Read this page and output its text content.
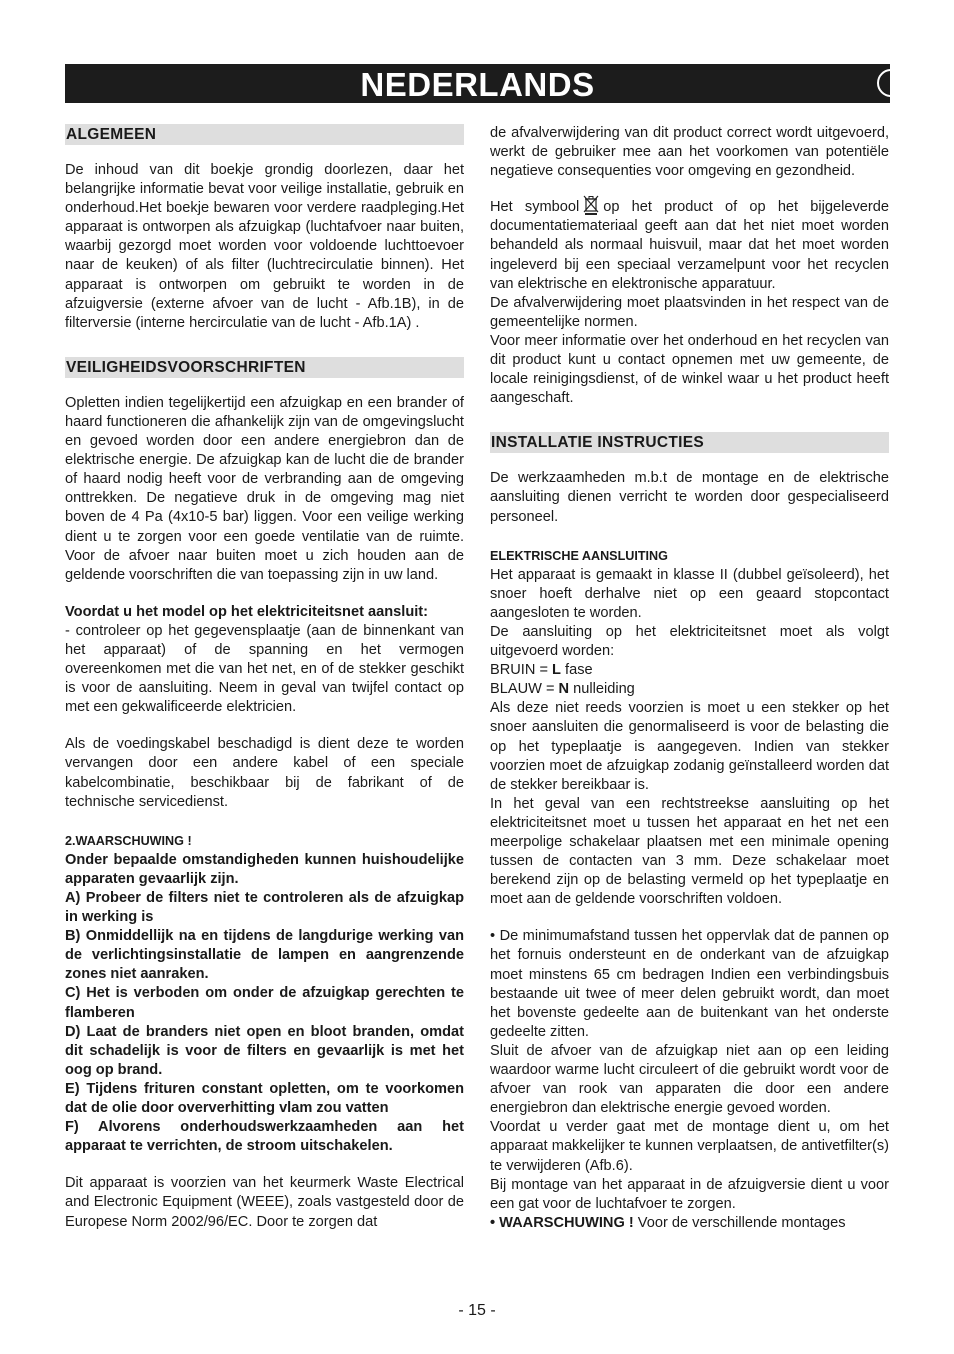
NEDERLANDS	NL
ALGEMEEN

De inhoud van dit boekje grondig doorlezen, daar het belangrijke informatie bevat voor veilige installatie, gebruik en onderhoud.Het boekje bewaren voor verdere raadpleging.Het apparaat is ontworpen als afzuigkap (luchtafvoer naar buiten, waarbij gezorgd moet worden voor voldoende luchttoevoer naar de keuken) of als filter (luchtrecirculatie binnen). Het apparaat is ontworpen om gebruikt te worden in de afzuigversie (externe afvoer van de lucht - Afb.1B), in de filterversie (interne hercirculatie van de lucht - Afb.1A) .

VEILIGHEIDSVOORSCHRIFTEN

Opletten indien tegelijkertijd een afzuigkap en een brander of haard functioneren die afhankelijk zijn van de omgevingslucht en gevoed worden door een andere energiebron dan de elektrische energie. De afzuigkap kan de lucht die de brander of haard nodig heeft voor de verbranding aan de omgeving onttrekken. De negatieve druk in de omgeving mag niet boven de 4 Pa (4x10-5 bar) liggen. Voor een veilige werking dient u te zorgen voor een goede ventilatie van de ruimte. Voor de afvoer naar buiten moet u zich houden aan de geldende voorschriften die van toepassing zijn in uw land.

Voordat u het model op het elektriciteitsnet aansluit:

- controleer op het gegevensplaatje (aan de binnenkant van het apparaat) of de spanning en het vermogen overeenkomen met die van het net, en of de stekker geschikt is voor de aansluiting. Neem in geval van twijfel contact op met een gekwalificeerde elektricien.

Als de voedingskabel beschadigd is dient deze te worden vervangen door een andere kabel of een speciale kabelcombinatie, beschikbaar bij de fabrikant of de technische servicedienst.

2.WAARSCHUWING !

Onder bepaalde omstandigheden kunnen huishoudelijke apparaten gevaarlijk zijn.

A) Probeer de filters niet te controleren als de afzuigkap in werking is

B) Onmiddellijk na en tijdens de langdurige werking van de verlichtingsinstallatie de lampen en aangrenzende zones niet aanraken.

C) Het is verboden om onder de afzuigkap gerechten te flamberen

D) Laat de branders niet open en bloot branden, omdat dit schadelijk is voor de filters en gevaarlijk is met het oog op brand.

E) Tijdens frituren constant opletten, om te voorkomen dat de olie door oververhitting vlam zou vatten

F) Alvorens onderhoudswerkzaamheden aan het apparaat te verrichten, de stroom uitschakelen.

Dit apparaat is voorzien van het keurmerk Waste Electrical and Electronic Equipment (WEEE), zoals vastgesteld door de Europese Norm 2002/96/EC. Door te zorgen dat

de afvalverwijdering van dit product correct wordt uitgevoerd, werkt de gebruiker mee aan het voorkomen van potentiële negatieve consequenties voor omgeving en gezondheid.

Het symbool op het product of op het bijgeleverde documentatiemateriaal geeft aan dat het niet moet worden behandeld als normaal huisvuil, maar dat het moet worden ingeleverd bij een speciaal verzamelpunt voor het recyclen van elektrische en elektronische apparatuur.

De afvalverwijdering moet plaatsvinden in het respect van de gemeentelijke normen.

Voor meer informatie over het onderhoud en het recyclen van dit product kunt u contact opnemen met uw gemeente, de locale reinigingsdienst, of de winkel waar u het product heeft aangeschaft.

INSTALLATIE INSTRUCTIES

De werkzaamheden m.b.t de montage en de elektrische aansluiting dienen verricht te worden door gespecialiseerd personeel.

ELEKTRISCHE AANSLUITING

Het apparaat is gemaakt in klasse II (dubbel geïsoleerd), het snoer hoeft derhalve niet op een geaard stopcontact aangesloten te worden.

De aansluiting op het elektriciteitsnet moet als volgt uitgevoerd worden:

BRUIN = L fase

BLAUW = N nulleiding

Als deze niet reeds voorzien is moet u een stekker op het snoer aansluiten die genormaliseerd is voor de belasting die op het typeplaatje is aangegeven. Indien van stekker voorzien moet de afzuigkap zodanig geïnstalleerd worden dat de stekker bereikbaar is.

In het geval van een rechtstreekse aansluiting op het elektriciteitsnet moet u tussen het apparaat en het net een meerpolige schakelaar plaatsen met een minimale opening tussen de contacten van 3 mm. Deze schakelaar moet berekend zijn op de belasting vermeld op het typeplaatje en moet aan de geldende voorschriften voldoen.

• De minimumafstand tussen het oppervlak dat de pannen op het fornuis ondersteunt en de onderkant van de afzuigkap moet minstens 65 cm bedragen Indien een verbindingsbuis bestaande uit twee of meer delen gebruikt wordt, dan moet het bovenste gedeelte aan de buitenkant van het onderste gedeelte zitten.

Sluit de afvoer van de afzuigkap niet aan op een leiding waardoor warme lucht circuleert of die gebruikt wordt voor de afvoer van rook van apparaten die door een andere energiebron dan elektrische energie gevoed worden.

Voordat u verder gaat met de montage dient u, om het apparaat makkelijker te kunnen verplaatsen, de antivetfilter(s) te verwijderen (Afb.6).

Bij montage van het apparaat in de afzuigversie dient u voor een gat voor de luchtafvoer te zorgen.

• WAARSCHUWING ! Voor de verschillende montages

- 15 -
